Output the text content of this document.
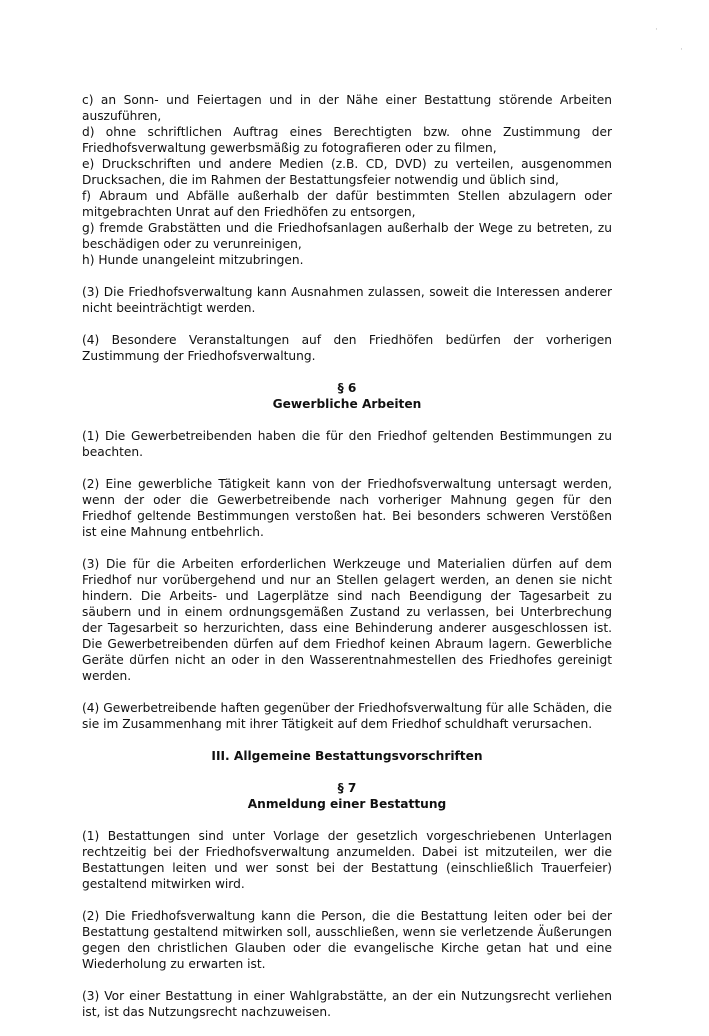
·
·

c) an Sonn- und Feiertagen und in der Nähe einer Bestattung störende Arbeiten auszuführen,

d) ohne schriftlichen Auftrag eines Berechtigten bzw. ohne Zustimmung der Friedhofsverwaltung gewerbsmäßig zu fotografieren oder zu filmen,

e) Druckschriften und andere Medien (z.B. CD, DVD) zu verteilen, ausgenommen Drucksachen, die im Rahmen der Bestattungsfeier notwendig und üblich sind,

f) Abraum und Abfälle außerhalb der dafür bestimmten Stellen abzulagern oder mitgebrachten Unrat auf den Friedhöfen zu entsorgen,

g) fremde Grabstätten und die Friedhofsanlagen außerhalb der Wege zu betreten, zu beschädigen oder zu verunreinigen,

h) Hunde unangeleint mitzubringen.

(3) Die Friedhofsverwaltung kann Ausnahmen zulassen, soweit die Interessen anderer nicht beeinträchtigt werden.

(4) Besondere Veranstaltungen auf den Friedhöfen bedürfen der vorherigen Zustimmung der Friedhofsverwaltung.

§ 6
Gewerbliche Arbeiten

(1) Die Gewerbetreibenden haben die für den Friedhof geltenden Bestimmungen zu beachten.

(2) Eine gewerbliche Tätigkeit kann von der Friedhofsverwaltung untersagt werden, wenn der oder die Gewerbetreibende nach vorheriger Mahnung gegen für den Friedhof geltende Bestimmungen verstoßen hat. Bei besonders schweren Verstößen ist eine Mahnung entbehrlich.

(3) Die für die Arbeiten erforderlichen Werkzeuge und Materialien dürfen auf dem Friedhof nur vorübergehend und nur an Stellen gelagert werden, an denen sie nicht hindern. Die Arbeits- und Lagerplätze sind nach Beendigung der Tagesarbeit zu säubern und in einem ordnungsgemäßen Zustand zu verlassen, bei Unterbrechung der Tagesarbeit so herzurichten, dass eine Behinderung anderer ausgeschlossen ist. Die Gewerbetreibenden dürfen auf dem Friedhof keinen Abraum lagern. Gewerbliche Geräte dürfen nicht an oder in den Wasserentnahmestellen des Friedhofes gereinigt werden.

(4) Gewerbetreibende haften gegenüber der Friedhofsverwaltung für alle Schäden, die sie im Zusammenhang mit ihrer Tätigkeit auf dem Friedhof schuldhaft verursachen.

III. Allgemeine Bestattungsvorschriften
§ 7
Anmeldung einer Bestattung

(1) Bestattungen sind unter Vorlage der gesetzlich vorgeschriebenen Unterlagen rechtzeitig bei der Friedhofsverwaltung anzumelden. Dabei ist mitzuteilen, wer die Bestattungen leiten und wer sonst bei der Bestattung (einschließlich Trauerfeier) gestaltend mitwirken wird.

(2) Die Friedhofsverwaltung kann die Person, die die Bestattung leiten oder bei der Bestattung gestaltend mitwirken soll, ausschließen, wenn sie verletzende Äußerungen gegen den christlichen Glauben oder die evangelische Kirche getan hat und eine Wiederholung zu erwarten ist.

(3) Vor einer Bestattung in einer Wahlgrabstätte, an der ein Nutzungsrecht verliehen ist, ist das Nutzungsrecht nachzuweisen.
